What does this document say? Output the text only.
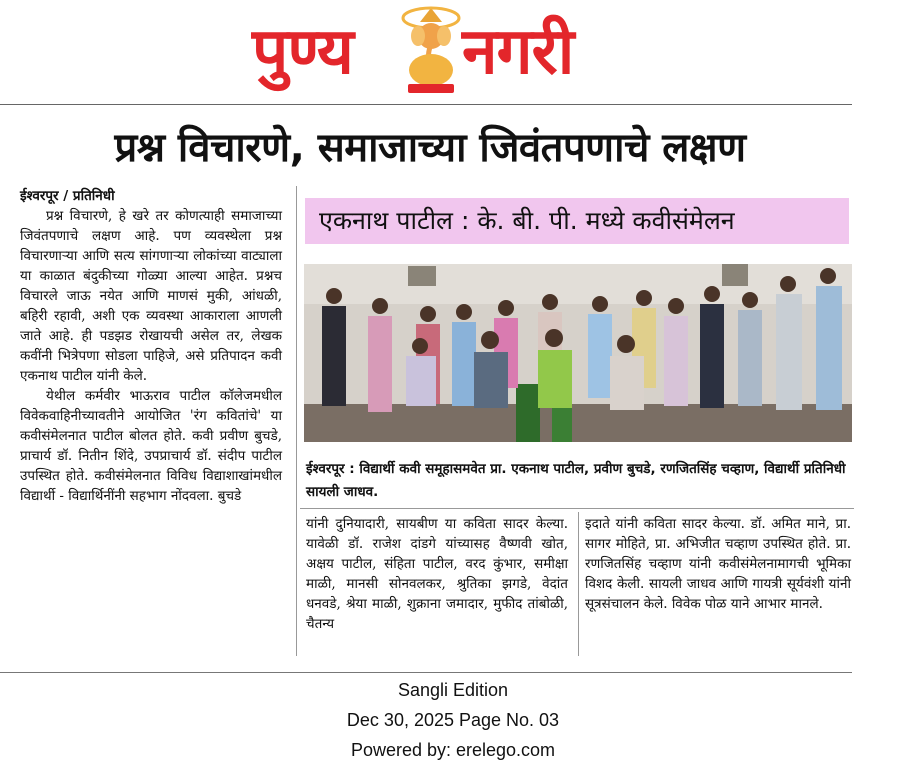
पुण्य नगरी
प्रश्न विचारणे, समाजाच्या जिवंतपणाचे लक्षण
ईश्वरपूर / प्रतिनिधी
प्रश्न विचारणे, हे खरे तर कोणत्याही समाजाच्या जिवंतपणाचे लक्षण आहे. पण व्यवस्थेला प्रश्न विचारणाऱ्या आणि सत्य सांगणाऱ्या लोकांच्या वाट्याला या काळात बंदुकीच्या गोळ्या आल्या आहेत. प्रश्नच विचारले जाऊ नयेत आणि माणसं मुकी, आंधळी, बहिरी रहावी, अशी एक व्यवस्था आकाराला आणली जाते आहे. ही पडझड रोखायची असेल तर, लेखक कवींनी भित्रेपणा सोडला पाहिजे, असे प्रतिपादन कवी एकनाथ पाटील यांनी केले.
येथील कर्मवीर भाऊराव पाटील कॉलेजमधील विवेकवाहिनीच्यावतीने आयोजित 'रंग कवितांचे' या कवीसंमेलनात पाटील बोलत होते. कवी प्रवीण बुचडे, प्राचार्य डॉ. नितीन शिंदे, उपप्राचार्य डॉ. संदीप पाटील उपस्थित होते. कवीसंमेलनात विविध विद्याशाखांमधील विद्यार्थी - विद्यार्थिनींनी सहभाग नोंदवला. बुचडे
एकनाथ पाटील : के. बी. पी. मध्ये कवीसंमेलन
ईश्वरपूर : विद्यार्थी कवी समूहासमवेत प्रा. एकनाथ पाटील, प्रवीण बुचडे, रणजितसिंह चव्हाण, विद्यार्थी प्रतिनिधी सायली जाधव.
यांनी दुनियादारी, सायबीण या कविता सादर केल्या. यावेळी डॉ. राजेश दांडगे यांच्यासह वैष्णवी खोत, अक्षय पाटील, संहिता पाटील, वरद कुंभार, समीक्षा माळी, मानसी सोनवलकर, श्रुतिका झगडे, वेदांत धनवडे, श्रेया माळी, शुक्राना जमादार, मुफीद तांबोळी, चैतन्य
इदाते यांनी कविता सादर केल्या. डॉ. अमित माने, प्रा. सागर मोहिते, प्रा. अभिजीत चव्हाण उपस्थित होते. प्रा. रणजितसिंह चव्हाण यांनी कवीसंमेलनामागची भूमिका विशद केली. सायली जाधव आणि गायत्री सूर्यवंशी यांनी सूत्रसंचालन केले. विवेक पोळ याने आभार मानले.
Sangli Edition
Dec 30, 2025 Page No. 03
Powered by: erelego.com
